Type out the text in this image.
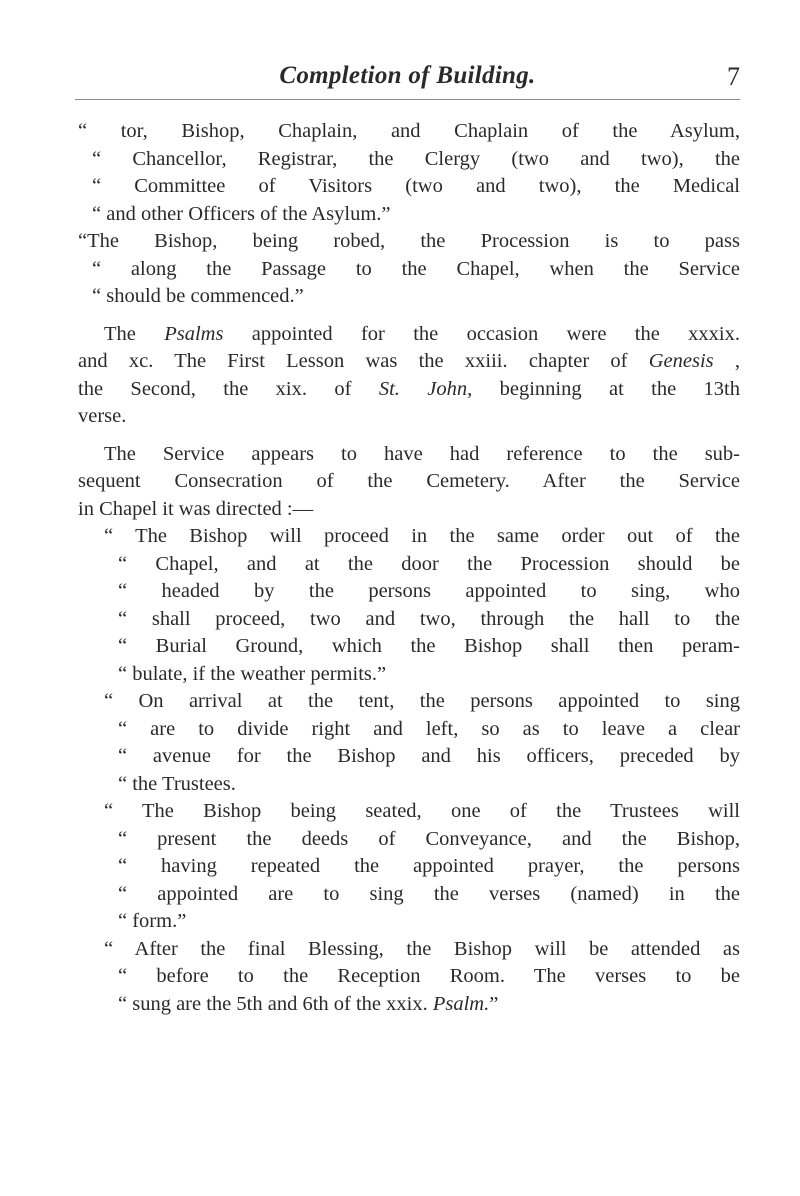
Completion of Building.	7
“ tor, Bishop, Chaplain, and Chaplain of the Asylum,
“ Chancellor, Registrar, the Clergy (two and two), the
“ Committee of Visitors (two and two), the Medical
“ and other Officers of the Asylum.”
“The Bishop, being robed, the Procession is to pass
“ along the Passage to the Chapel, when the Service
“ should be commenced.”
The Psalms appointed for the occasion were the xxxix.
and xc. The First Lesson was the xxiii. chapter of Genesis ,
the Second, the xix. of St. John, beginning at the 13th
verse.
The Service appears to have had reference to the sub-
sequent Consecration of the Cemetery. After the Service
in Chapel it was directed :—
“ The Bishop will proceed in the same order out of the
“ Chapel, and at the door the Procession should be
“ headed by the persons appointed to sing, who
“ shall proceed, two and two, through the hall to the
“ Burial Ground, which the Bishop shall then peram-
“ bulate, if the weather permits.”
“ On arrival at the tent, the persons appointed to sing
“ are to divide right and left, so as to leave a clear
“ avenue for the Bishop and his officers, preceded by
“ the Trustees.
“ The Bishop being seated, one of the Trustees will
“ present the deeds of Conveyance, and the Bishop,
“ having repeated the appointed prayer, the persons
“ appointed are to sing the verses (named) in the
“ form.”
“ After the final Blessing, the Bishop will be attended as
“ before to the Reception Room. The verses to be
“ sung are the 5th and 6th of the xxix. Psalm.”
